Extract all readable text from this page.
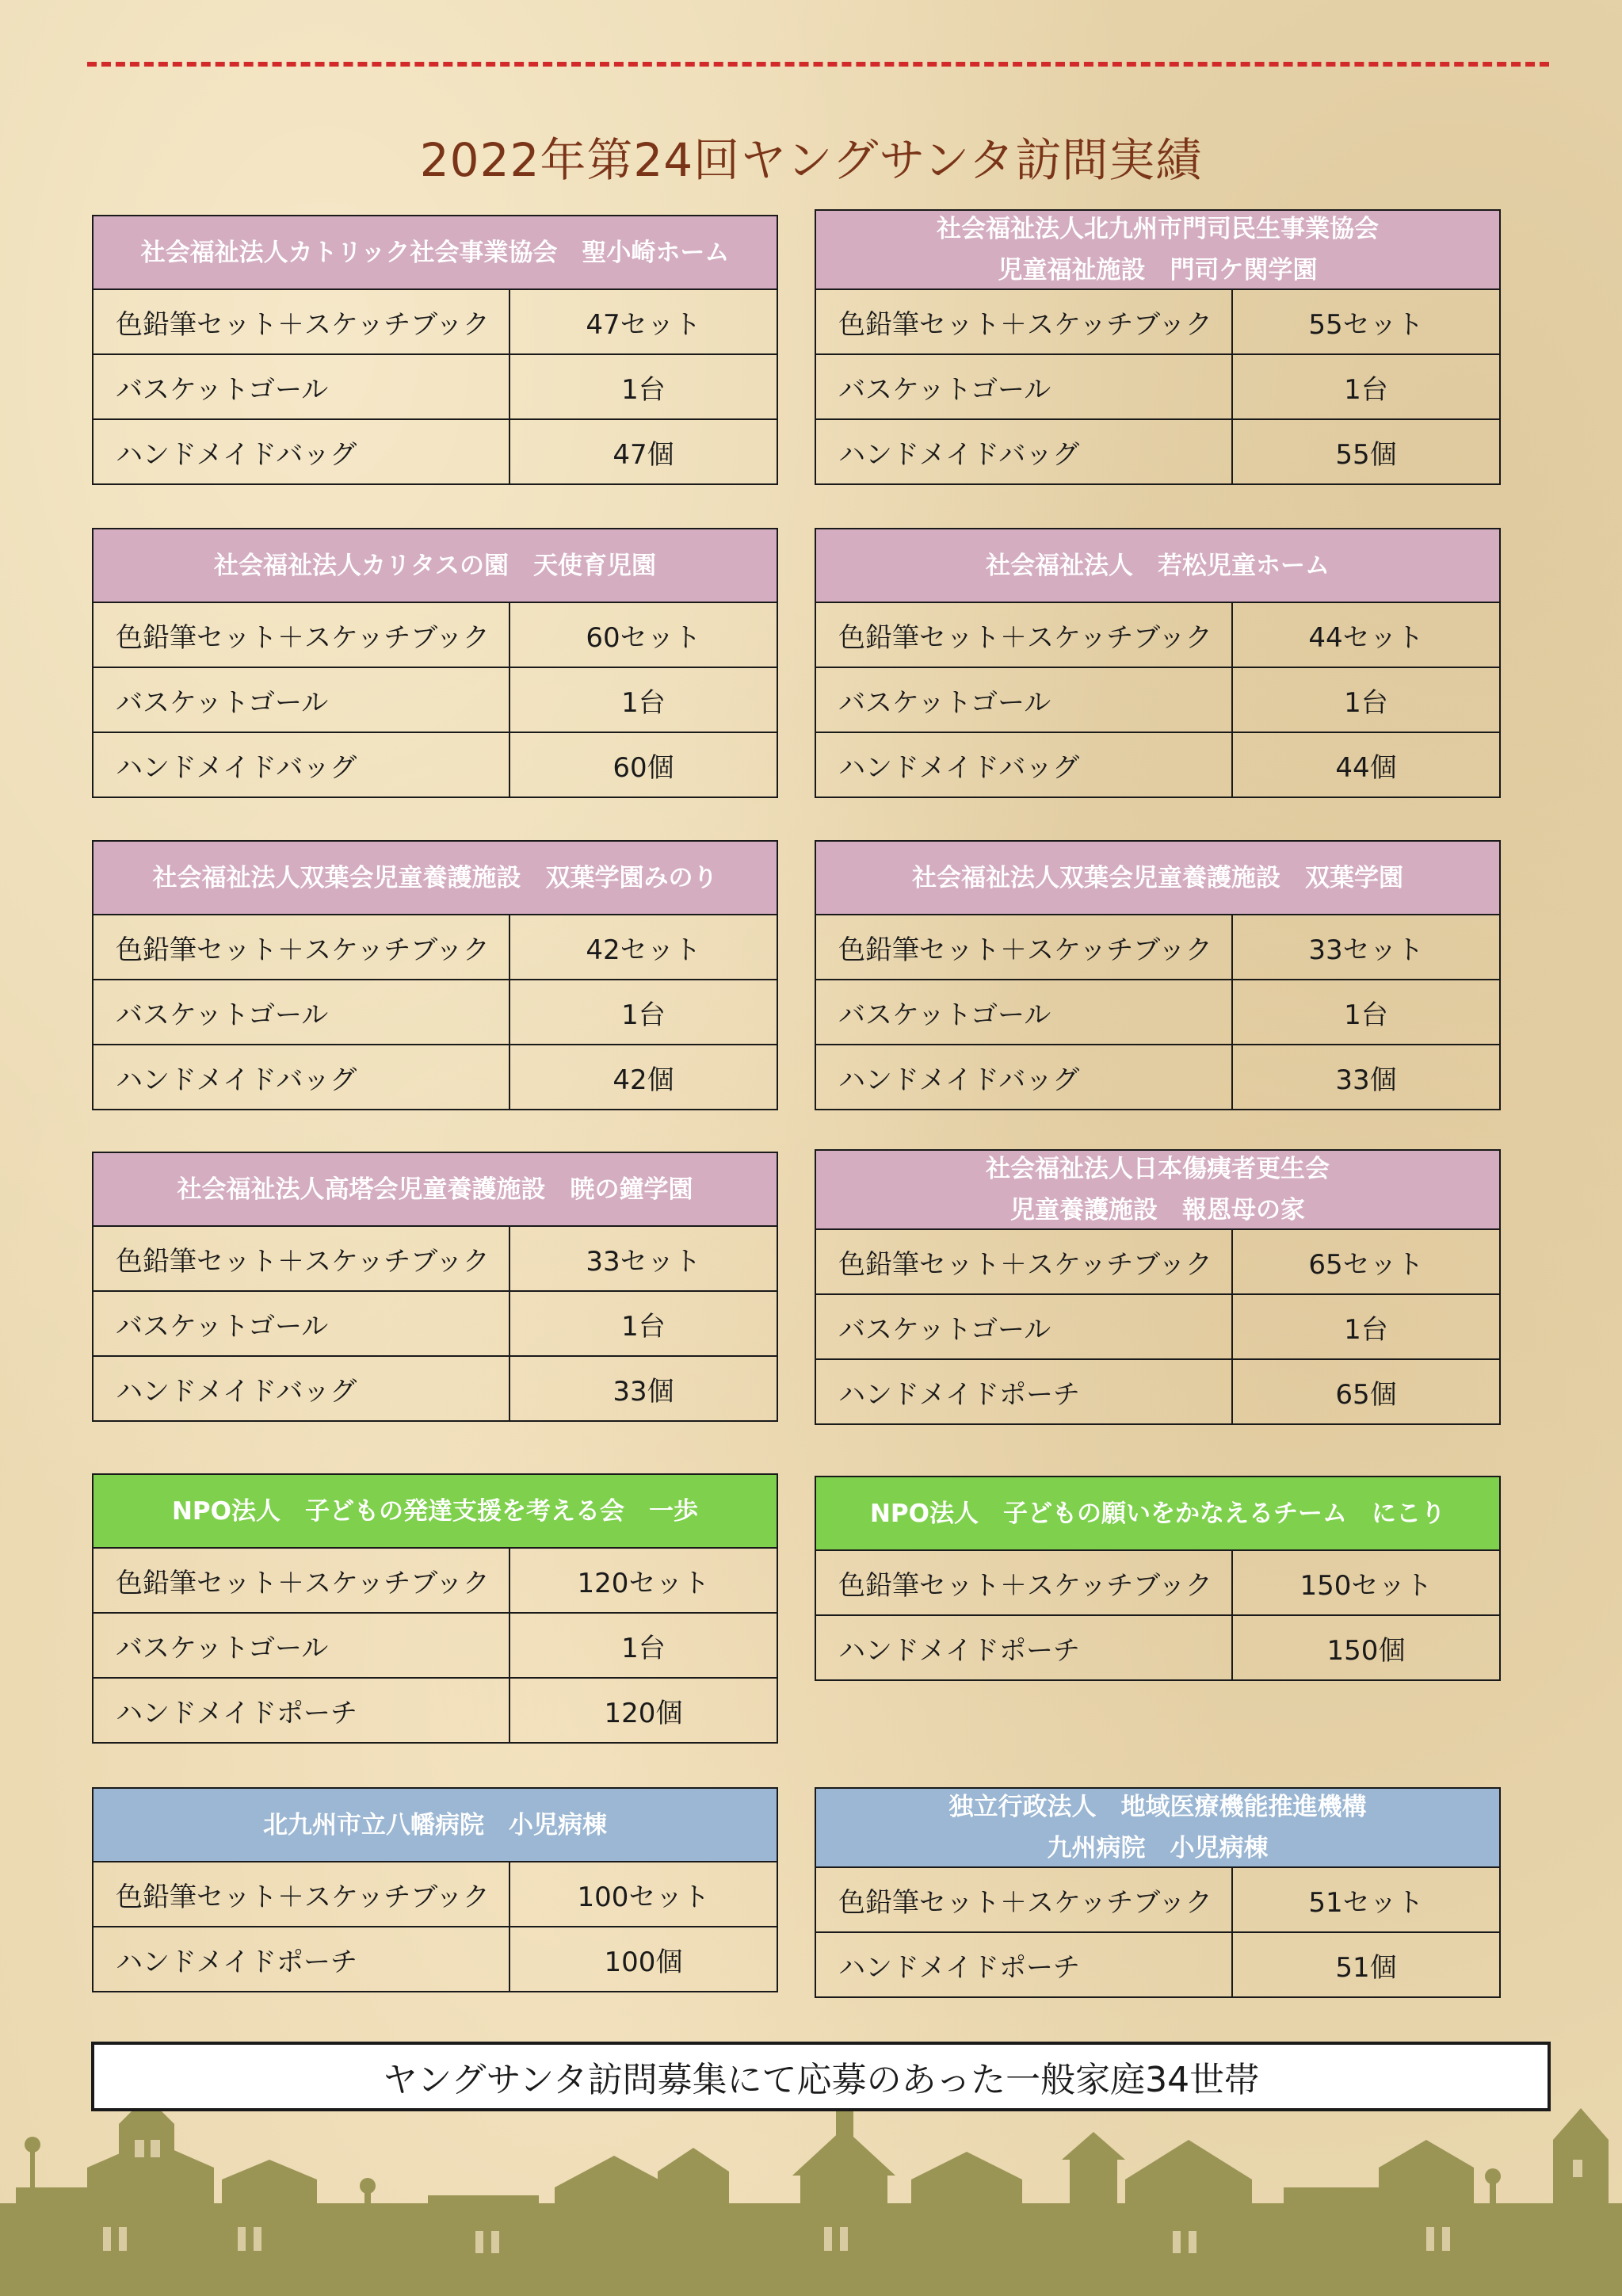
2022年第24回ヤングサンタ訪問実績
社会福祉法人カトリック社会事業協会　聖小崎ホーム
色鉛筆セット＋スケッチブック	47セット
バスケットゴール	1台
ハンドメイドバッグ	47個
社会福祉法人北九州市門司民生事業協会
児童福祉施設　門司ケ関学園
色鉛筆セット＋スケッチブック	55セット
バスケットゴール	1台
ハンドメイドバッグ	55個
社会福祉法人カリタスの園　天使育児園
色鉛筆セット＋スケッチブック	60セット
バスケットゴール	1台
ハンドメイドバッグ	60個
社会福祉法人　若松児童ホーム
色鉛筆セット＋スケッチブック	44セット
バスケットゴール	1台
ハンドメイドバッグ	44個
社会福祉法人双葉会児童養護施設　双葉学園みのり
色鉛筆セット＋スケッチブック	42セット
バスケットゴール	1台
ハンドメイドバッグ	42個
社会福祉法人双葉会児童養護施設　双葉学園
色鉛筆セット＋スケッチブック	33セット
バスケットゴール	1台
ハンドメイドバッグ	33個
社会福祉法人高塔会児童養護施設　暁の鐘学園
色鉛筆セット＋スケッチブック	33セット
バスケットゴール	1台
ハンドメイドバッグ	33個
社会福祉法人日本傷痍者更生会
児童養護施設　報恩母の家
色鉛筆セット＋スケッチブック	65セット
バスケットゴール	1台
ハンドメイドポーチ	65個
NPO法人　子どもの発達支援を考える会　一歩
色鉛筆セット＋スケッチブック	120セット
バスケットゴール	1台
ハンドメイドポーチ	120個
NPO法人　子どもの願いをかなえるチーム　にこり
色鉛筆セット＋スケッチブック	150セット
ハンドメイドポーチ	150個
北九州市立八幡病院　小児病棟
色鉛筆セット＋スケッチブック	100セット
ハンドメイドポーチ	100個
独立行政法人　地域医療機能推進機構
九州病院　小児病棟
色鉛筆セット＋スケッチブック	51セット
ハンドメイドポーチ	51個
ヤングサンタ訪問募集にて応募のあった一般家庭34世帯
